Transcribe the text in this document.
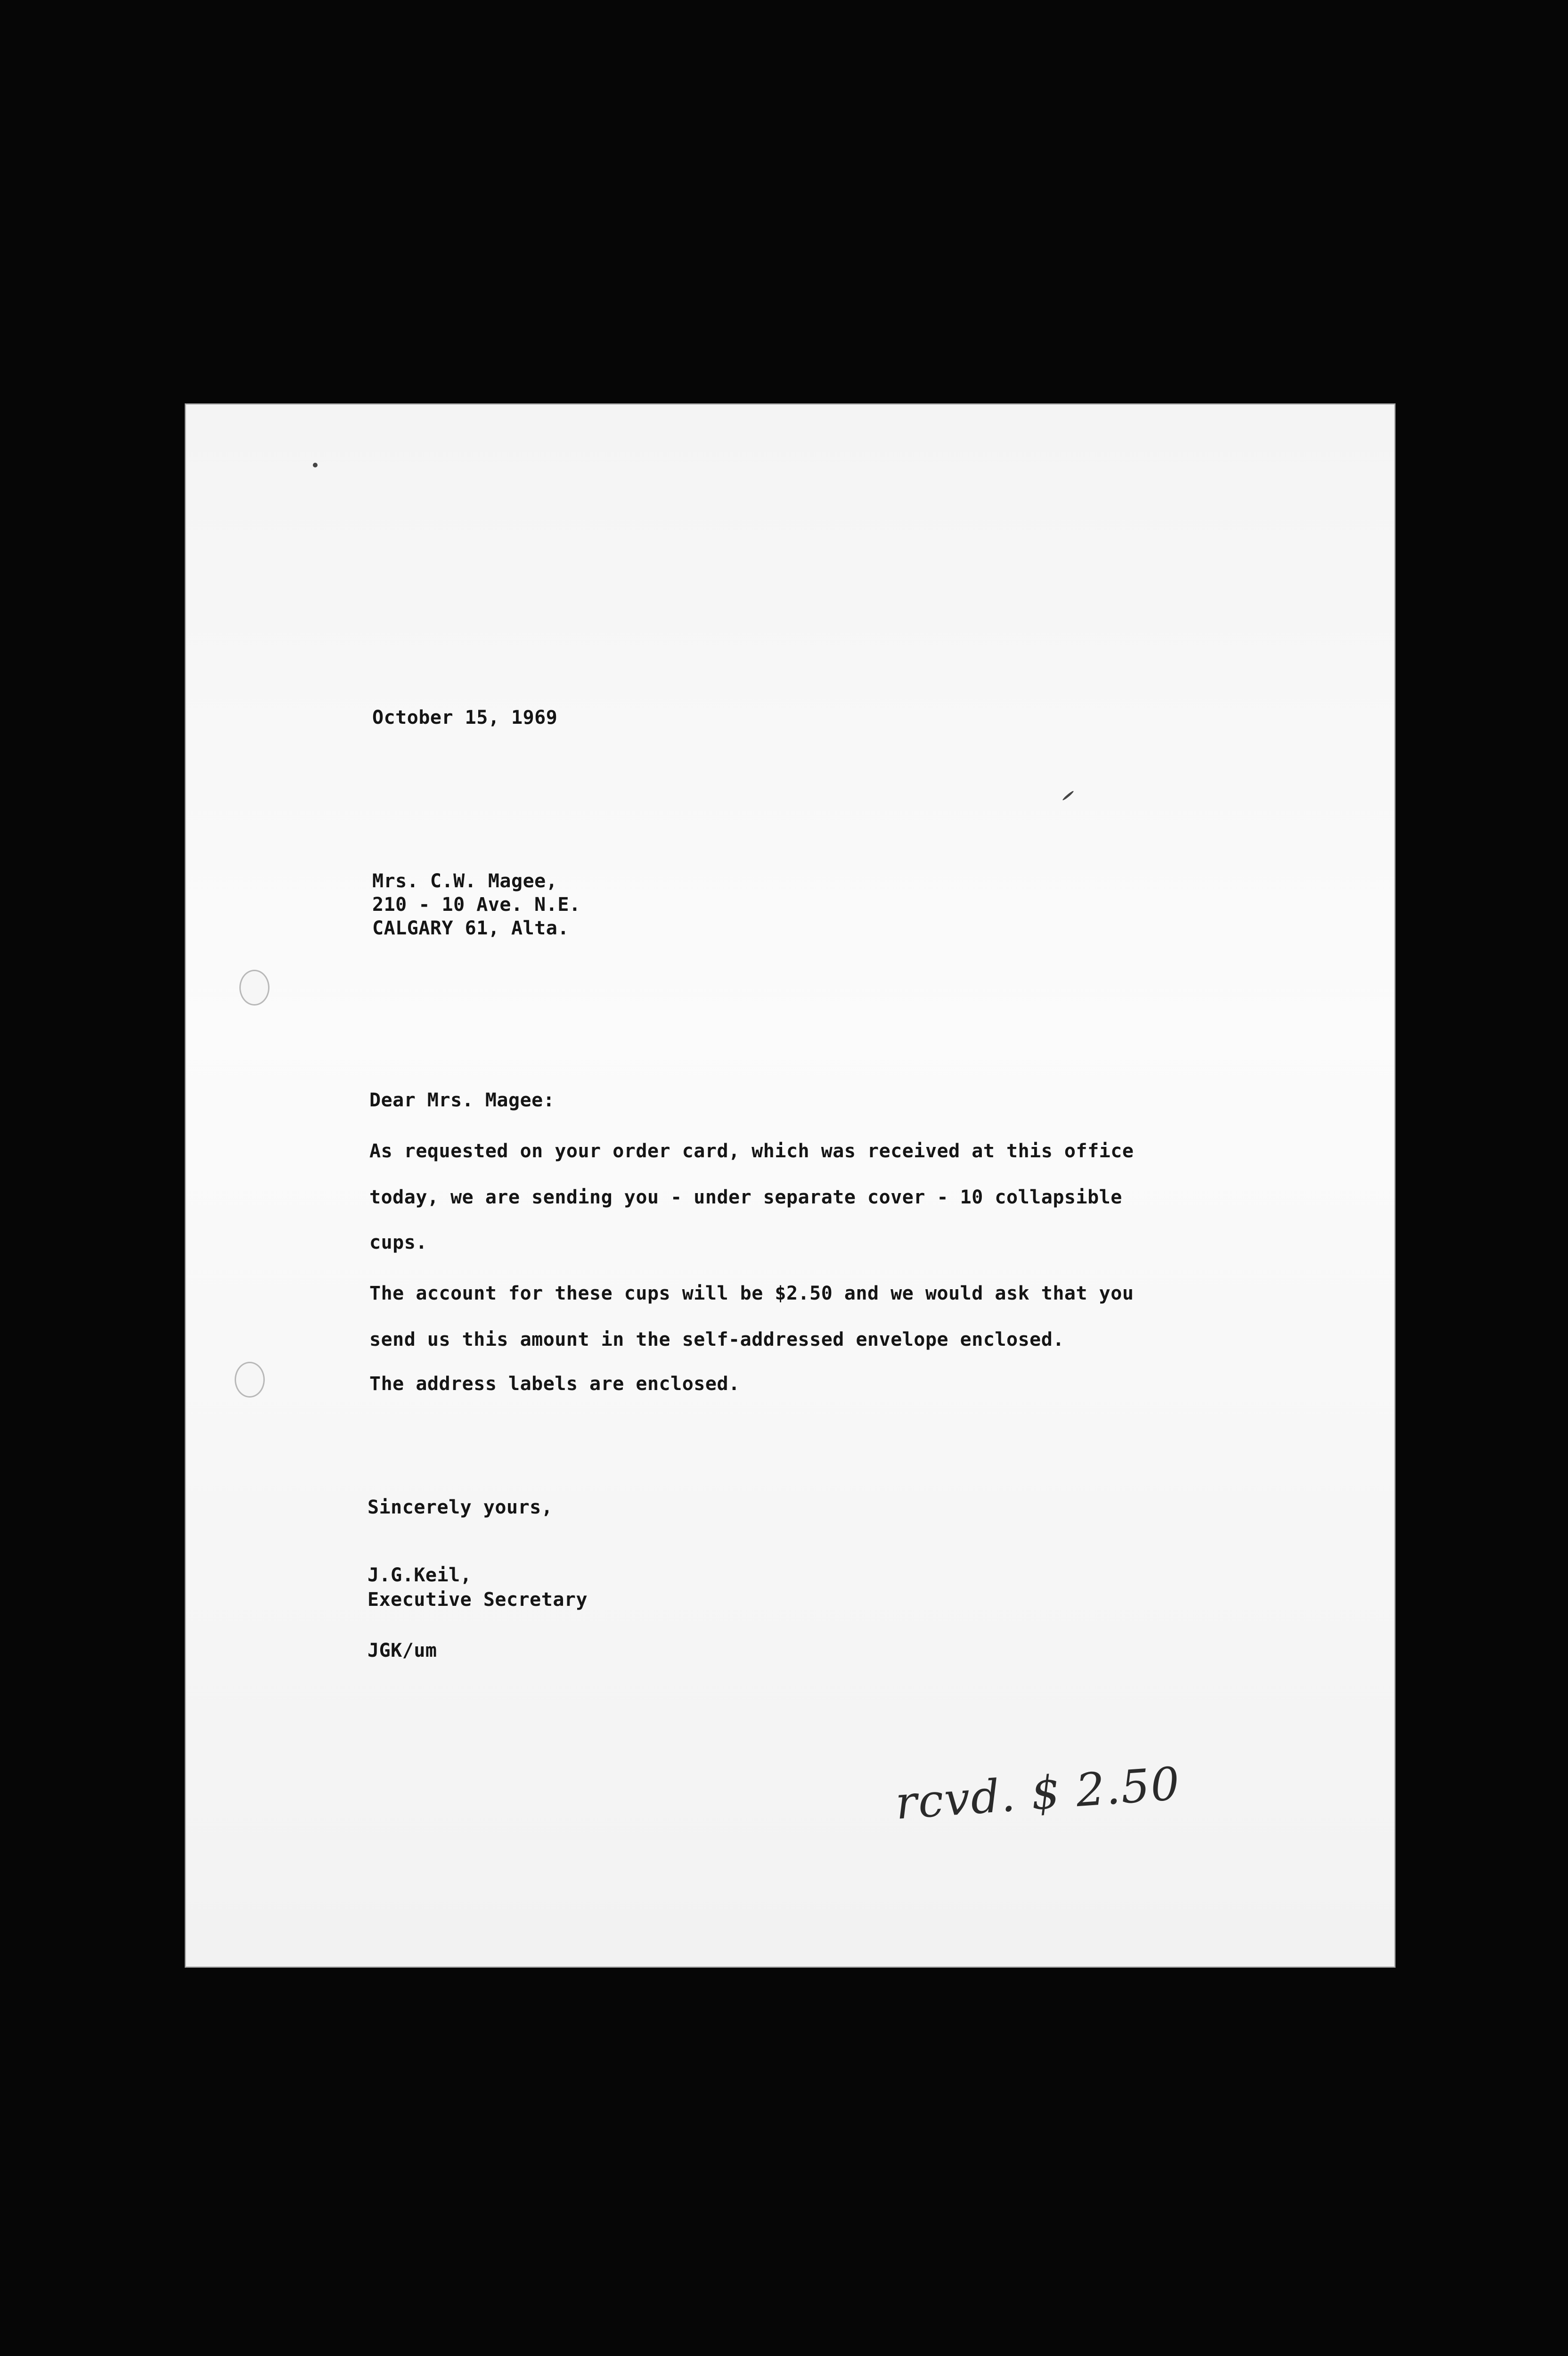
October 15, 1969
Mrs. C.W. Magee,
210 - 10 Ave. N.E.
CALGARY 61, Alta.
Dear Mrs. Magee:
As requested on your order card, which was received at this office
today, we are sending you - under separate cover - 10 collapsible
cups.
The account for these cups will be $2.50 and we would ask that you
send us this amount in the self-addressed envelope enclosed.
The address labels are enclosed.
Sincerely yours,
J.G.Keil,
Executive Secretary
JGK/um
rcvd. $ 2.50
